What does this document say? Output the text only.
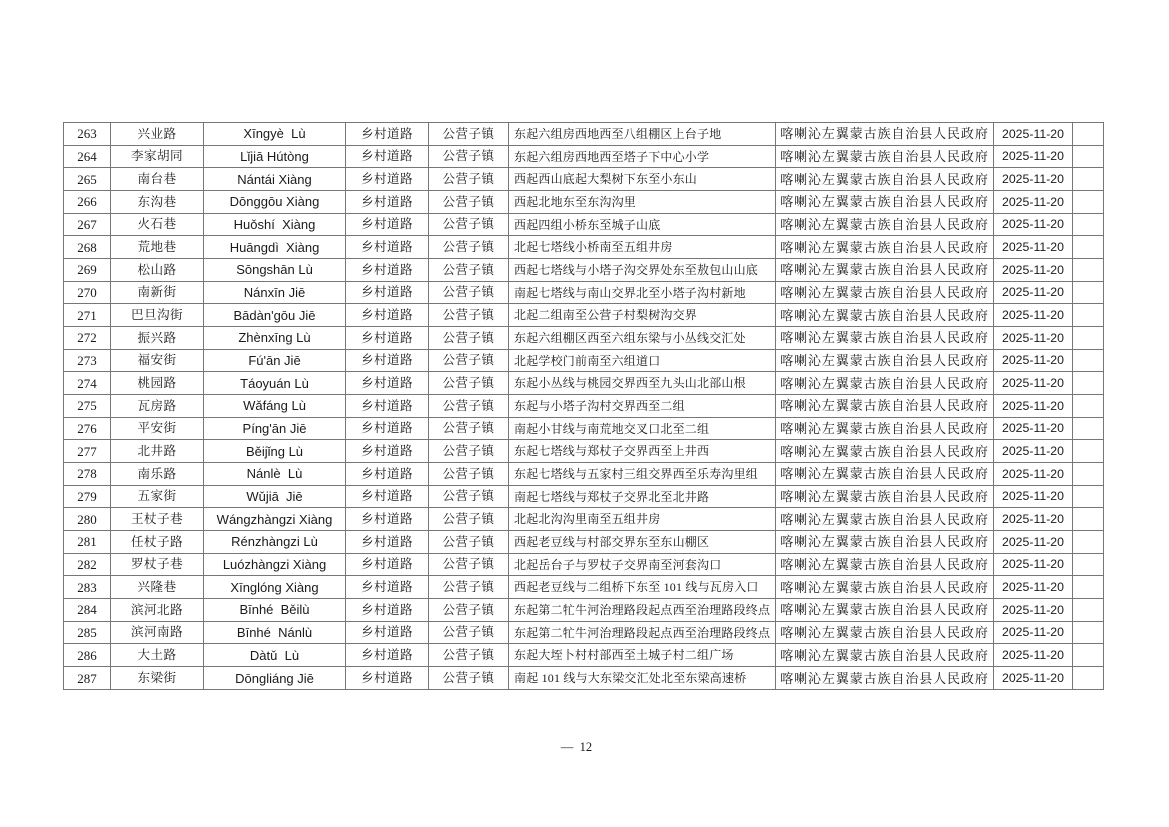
263	兴业路	Xīngyè  Lù	乡村道路	公营子镇	东起六组房西地西至八组棚区上台子地	喀喇沁左翼蒙古族自治县人民政府	2025-11-20	
264	李家胡同	Lǐjiā Hútòng	乡村道路	公营子镇	东起六组房西地西至塔子下中心小学	喀喇沁左翼蒙古族自治县人民政府	2025-11-20	
265	南台巷	Nántái Xiàng	乡村道路	公营子镇	西起西山底起大梨树下东至小东山	喀喇沁左翼蒙古族自治县人民政府	2025-11-20	
266	东沟巷	Dōnggōu Xiàng	乡村道路	公营子镇	西起北地东至东沟沟里	喀喇沁左翼蒙古族自治县人民政府	2025-11-20	
267	火石巷	Huǒshí  Xiàng	乡村道路	公营子镇	西起四组小桥东至城子山底	喀喇沁左翼蒙古族自治县人民政府	2025-11-20	
268	荒地巷	Huāngdì  Xiàng	乡村道路	公营子镇	北起七塔线小桥南至五组井房	喀喇沁左翼蒙古族自治县人民政府	2025-11-20	
269	松山路	Sōngshān Lù	乡村道路	公营子镇	西起七塔线与小塔子沟交界处东至敖包山山底	喀喇沁左翼蒙古族自治县人民政府	2025-11-20	
270	南新街	Nánxīn Jiē	乡村道路	公营子镇	南起七塔线与南山交界北至小塔子沟村新地	喀喇沁左翼蒙古族自治县人民政府	2025-11-20	
271	巴旦沟街	Bādàn'gōu Jiē	乡村道路	公营子镇	北起二组南至公营子村梨树沟交界	喀喇沁左翼蒙古族自治县人民政府	2025-11-20	
272	振兴路	Zhènxīng Lù	乡村道路	公营子镇	东起六组棚区西至六组东梁与小丛线交汇处	喀喇沁左翼蒙古族自治县人民政府	2025-11-20	
273	福安街	Fú'ān Jiē	乡村道路	公营子镇	北起学校门前南至六组道口	喀喇沁左翼蒙古族自治县人民政府	2025-11-20	
274	桃园路	Táoyuán Lù	乡村道路	公营子镇	东起小丛线与桃园交界西至九头山北部山根	喀喇沁左翼蒙古族自治县人民政府	2025-11-20	
275	瓦房路	Wǎfáng Lù	乡村道路	公营子镇	东起与小塔子沟村交界西至二组	喀喇沁左翼蒙古族自治县人民政府	2025-11-20	
276	平安街	Píng'ān Jiē	乡村道路	公营子镇	南起小甘线与南荒地交叉口北至二组	喀喇沁左翼蒙古族自治县人民政府	2025-11-20	
277	北井路	Běijǐng Lù	乡村道路	公营子镇	东起七塔线与郑杖子交界西至上井西	喀喇沁左翼蒙古族自治县人民政府	2025-11-20	
278	南乐路	Nánlè  Lù	乡村道路	公营子镇	东起七塔线与五家村三组交界西至乐寿沟里组	喀喇沁左翼蒙古族自治县人民政府	2025-11-20	
279	五家街	Wǔjiā  Jiē	乡村道路	公营子镇	南起七塔线与郑杖子交界北至北井路	喀喇沁左翼蒙古族自治县人民政府	2025-11-20	
280	王杖子巷	Wángzhàngzi Xiàng	乡村道路	公营子镇	北起北沟沟里南至五组井房	喀喇沁左翼蒙古族自治县人民政府	2025-11-20	
281	任杖子路	Rénzhàngzi Lù	乡村道路	公营子镇	西起老豆线与村部交界东至东山棚区	喀喇沁左翼蒙古族自治县人民政府	2025-11-20	
282	罗杖子巷	Luózhàngzi Xiàng	乡村道路	公营子镇	北起岳台子与罗杖子交界南至河套沟口	喀喇沁左翼蒙古族自治县人民政府	2025-11-20	
283	兴隆巷	Xīnglóng Xiàng	乡村道路	公营子镇	西起老豆线与二组桥下东至 101 线与瓦房入口	喀喇沁左翼蒙古族自治县人民政府	2025-11-20	
284	滨河北路	Bīnhé  Běilù	乡村道路	公营子镇	东起第二牤牛河治理路段起点西至治理路段终点	喀喇沁左翼蒙古族自治县人民政府	2025-11-20	
285	滨河南路	Bīnhé  Nánlù	乡村道路	公营子镇	东起第二牤牛河治理路段起点西至治理路段终点	喀喇沁左翼蒙古族自治县人民政府	2025-11-20	
286	大土路	Dàtǔ  Lù	乡村道路	公营子镇	东起大垤卜村村部西至土城子村二组广场	喀喇沁左翼蒙古族自治县人民政府	2025-11-20	
287	东梁街	Dōngliáng Jiē	乡村道路	公营子镇	南起 101 线与大东梁交汇处北至东梁高速桥	喀喇沁左翼蒙古族自治县人民政府	2025-11-20	
—  12
